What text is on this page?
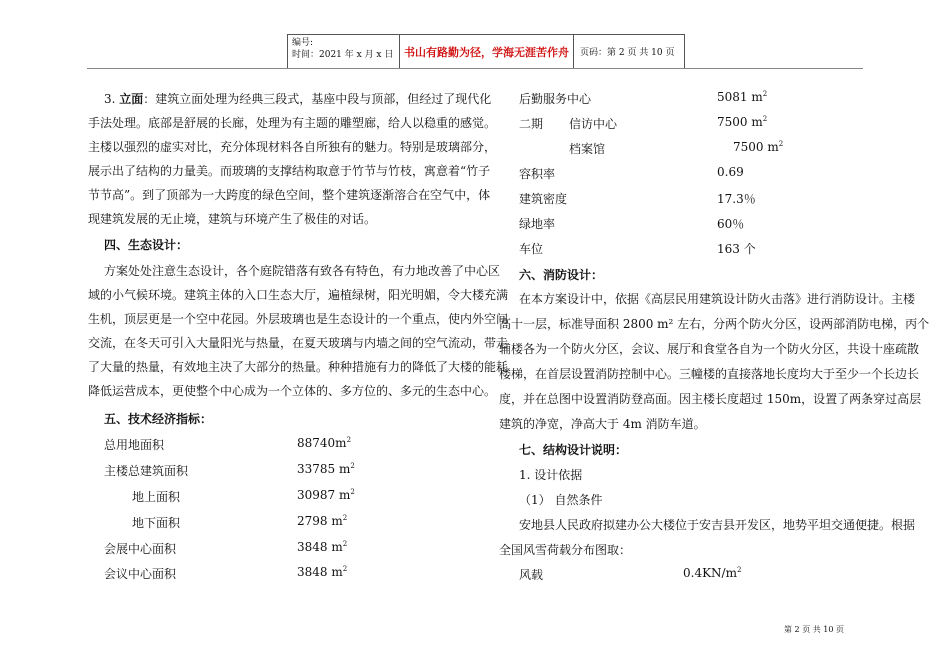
编号:
时间：2021 年 x 月 x 日 书山有路勤为径，学海无涯苦作舟	页码：第 2 页 共 10 页
3. 立面：建筑立面处理为经典三段式，基座中段与顶部，但经过了现代化
手法处理。底部是舒展的长廊，处理为有主题的雕塑廊，给人以稳重的感觉。
主楼以强烈的虚实对比，充分体现材料各自所独有的魅力。特别是玻璃部分，
展示出了结构的力量美。而玻璃的支撑结构取意于竹节与竹枝，寓意着“竹子
节节高”。到了顶部为一大跨度的绿色空间，整个建筑逐渐溶合在空气中，体
现建筑发展的无止境，建筑与环境产生了极佳的对话。
四、生态设计：
方案处处注意生态设计，各个庭院错落有致各有特色，有力地改善了中心区
域的小气候环境。建筑主体的入口生态大厅，遍植绿树，阳光明媚，令大楼充满
生机，顶层更是一个空中花园。外层玻璃也是生态设计的一个重点，使内外空间
交流，在冬天可引入大量阳光与热量，在夏天玻璃与内墙之间的空气流动，带走
了大量的热量，有效地主决了大部分的热量。种种措施有力的降低了大楼的能耗
降低运营成本，更使整个中心成为一个立体的、多方位的、多元的生态中心。
五、技术经济指标：
总用地面积	$88740m^2$
主楼总建筑面积	33785 $m^2$
地上面积	30987 $m^2$
地下面积	2798 $m^2$
会展中心面积	3848 $m^2$
会议中心面积	3848 $m^2$
后勤服务中心	5081 $m^2$
二期 信访中心	7500 $m^2$
档案馆	7500 $m^2$
容积率	0.69
建筑密度	17.3％
绿地率	60％
车位	163 个
六、消防设计：
在本方案设计中，依据《高层民用建筑设计防火击落》进行消防设计。主楼
高十一层，标准导面积 2800 m² 左右，分两个防火分区，设两部消防电梯，丙个
辅楼各为一个防火分区，会议、展厅和食堂各自为一个防火分区，共设十座疏散
楼梯，在首层设置消防控制中心。三幢楼的直接落地长度均大于至少一个长边长
度，并在总图中设置消防登高面。因主楼长度超过 150m，设置了两条穿过高层
建筑的净宽，净高大于 4m 消防车道。
七、结构设计说明：
1. 设计依据
（1） 自然条件
安地县人民政府拟建办公大楼位于安吉县开发区，地势平坦交通便捷。根据
全国风雪荷载分布图取：
风载	$0.4KN/m^2$
第 2 页 共 10 页
